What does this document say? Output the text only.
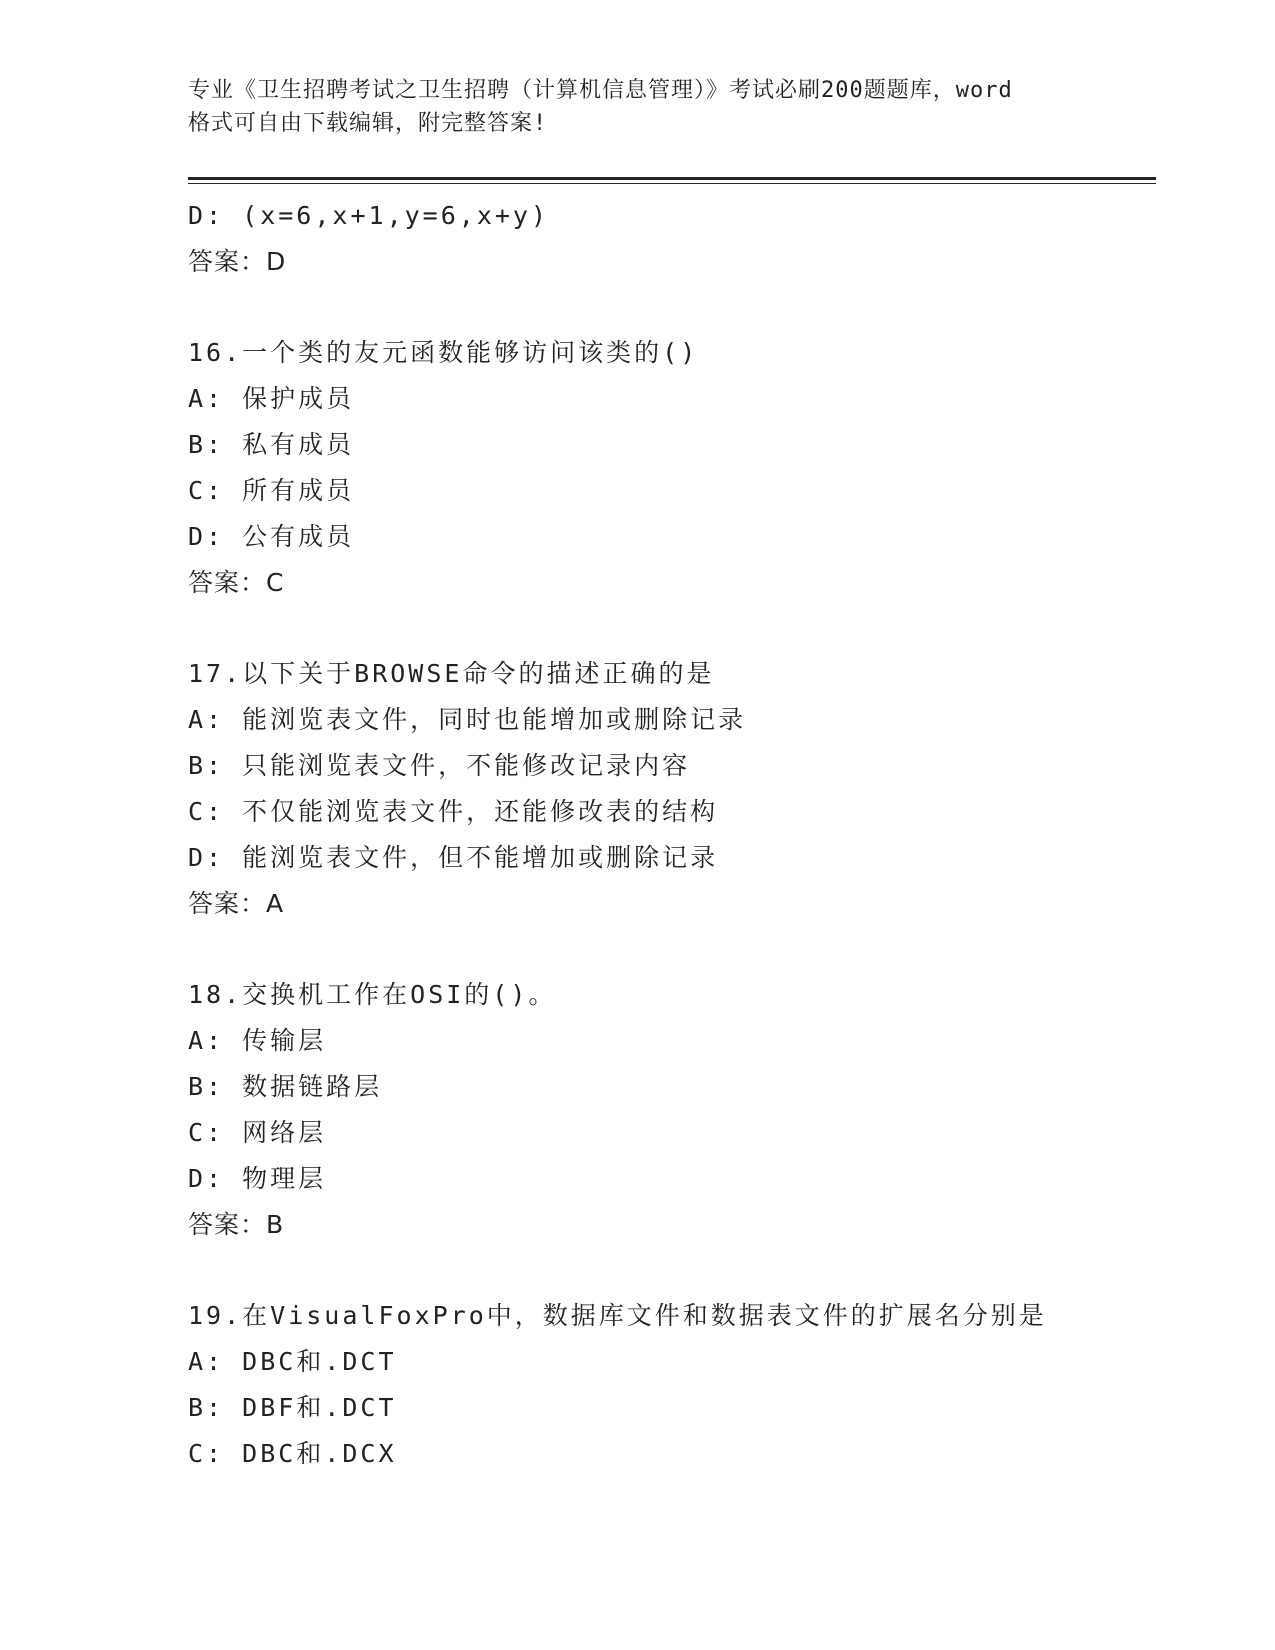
专业《卫生招聘考试之卫生招聘（计算机信息管理）》考试必刷200题题库，word
格式可自由下载编辑，附完整答案!
D: (x=6,x+1,y=6,x+y)
答案：D
16.一个类的友元函数能够访问该类的()
A: 保护成员
B: 私有成员
C: 所有成员
D: 公有成员
答案：C
17.以下关于BROWSE命令的描述正确的是
A: 能浏览表文件，同时也能增加或删除记录
B: 只能浏览表文件，不能修改记录内容
C: 不仅能浏览表文件，还能修改表的结构
D: 能浏览表文件，但不能增加或删除记录
答案：A
18.交换机工作在OSI的()。
A: 传输层
B: 数据链路层
C: 网络层
D: 物理层
答案：B
19.在VisualFoxPro中，数据库文件和数据表文件的扩展名分别是
A: DBC和.DCT
B: DBF和.DCT
C: DBC和.DCX
